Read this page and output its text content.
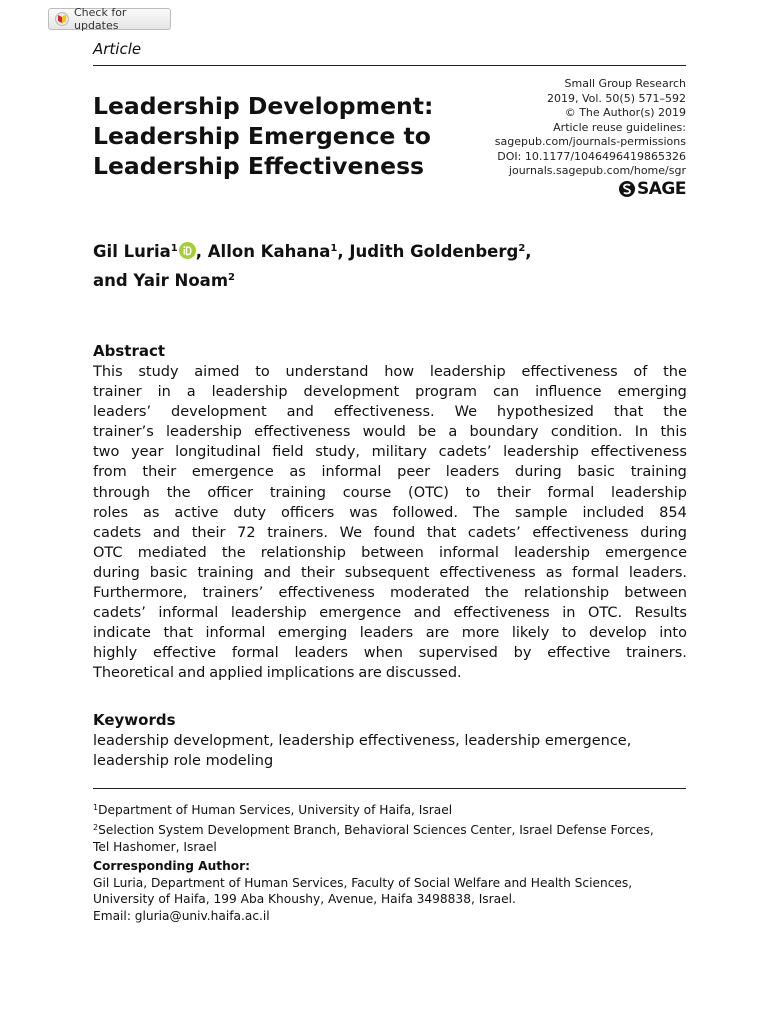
Check for updates
Article
Leadership Development:
Leadership Emergence to
Leadership Effectiveness
Small Group Research
2019, Vol. 50(5) 571–592
© The Author(s) 2019
Article reuse guidelines:
sagepub.com/journals-permissions
DOI: 10.1177/1046496419865326
journals.sagepub.com/home/sgr
SAGE
Gil Luria$^1$ , Allon Kahana$^1$, Judith Goldenberg$^2$,
and Yair Noam$^2$
Abstract
This study aimed to understand how leadership effectiveness of the
trainer in a leadership development program can influence emerging
leaders’ development and effectiveness. We hypothesized that the
trainer’s leadership effectiveness would be a boundary condition. In this
two year longitudinal field study, military cadets’ leadership effectiveness
from their emergence as informal peer leaders during basic training
through the officer training course (OTC) to their formal leadership
roles as active duty officers was followed. The sample included 854
cadets and their 72 trainers. We found that cadets’ effectiveness during
OTC mediated the relationship between informal leadership emergence
during basic training and their subsequent effectiveness as formal leaders.
Furthermore, trainers’ effectiveness moderated the relationship between
cadets’ informal leadership emergence and effectiveness in OTC. Results
indicate that informal emerging leaders are more likely to develop into
highly effective formal leaders when supervised by effective trainers.
Theoretical and applied implications are discussed.
Keywords
leadership development, leadership effectiveness, leadership emergence,
leadership role modeling
$^1$Department of Human Services, University of Haifa, Israel
$^2$Selection System Development Branch, Behavioral Sciences Center, Israel Defense Forces,
Tel Hashomer, Israel
Corresponding Author:
Gil Luria, Department of Human Services, Faculty of Social Welfare and Health Sciences,
University of Haifa, 199 Aba Khoushy, Avenue, Haifa 3498838, Israel.
Email: gluria@univ.haifa.ac.il
